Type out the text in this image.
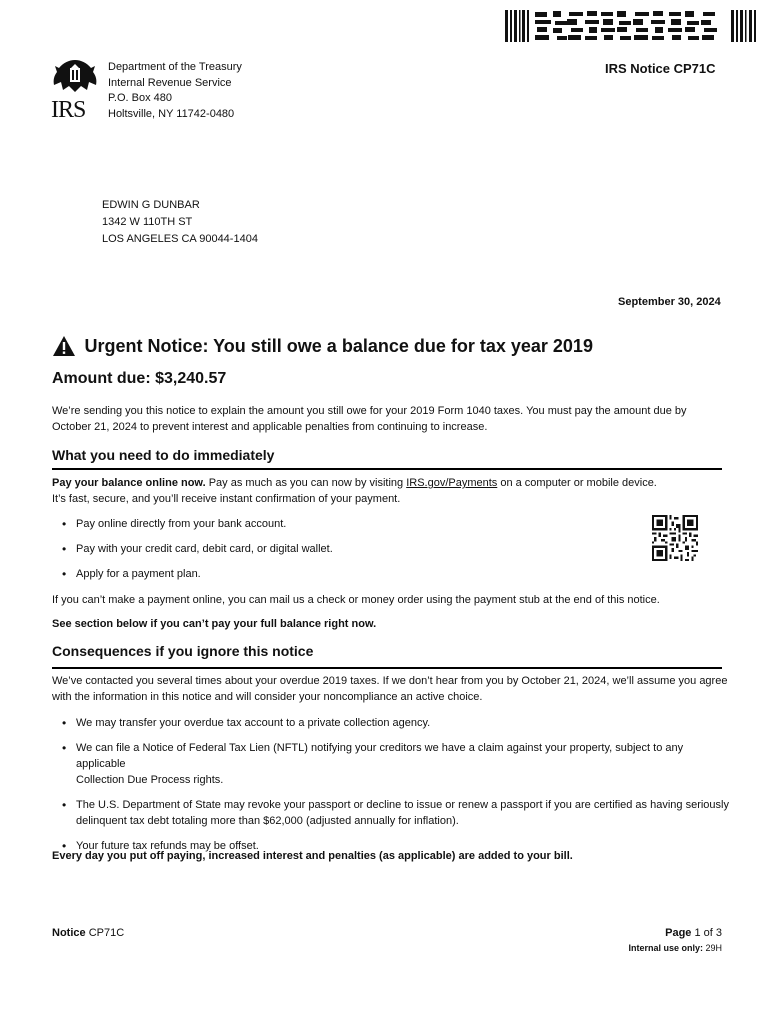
IRS
Department of the Treasury
Internal Revenue Service
P.O. Box 480
Holtsville, NY 11742-0480
IRS Notice CP71C
EDWIN G DUNBAR
1342 W 110TH ST
LOS ANGELES CA 90044-1404
September 30, 2024
Urgent Notice: You still owe a balance due for tax year 2019
Amount due: $3,240.57
We’re sending you this notice to explain the amount you still owe for your 2019 Form 1040 taxes. You must pay the amount due by
October 21, 2024 to prevent interest and applicable penalties from continuing to increase.
What you need to do immediately
Pay your balance online now. Pay as much as you can now by visiting IRS.gov/Payments on a computer or mobile device.
It’s fast, secure, and you’ll receive instant confirmation of your payment.
• Pay online directly from your bank account.
• Pay with your credit card, debit card, or digital wallet.
• Apply for a payment plan.
If you can’t make a payment online, you can mail us a check or money order using the payment stub at the end of this notice.
See section below if you can’t pay your full balance right now.
Consequences if you ignore this notice
We’ve contacted you several times about your overdue 2019 taxes. If we don’t hear from you by October 21, 2024, we’ll assume you agree
with the information in this notice and will consider your noncompliance an active choice.
• We may transfer your overdue tax account to a private collection agency.
• We can file a Notice of Federal Tax Lien (NFTL) notifying your creditors we have a claim against your property, subject to any applicable
Collection Due Process rights.
• The U.S. Department of State may revoke your passport or decline to issue or renew a passport if you are certified as having seriously
delinquent tax debt totaling more than $62,000 (adjusted annually for inflation).
• Your future tax refunds may be offset.
Every day you put off paying, increased interest and penalties (as applicable) are added to your bill.
Notice CP71C	Page 1 of 3
Internal use only: 29H
